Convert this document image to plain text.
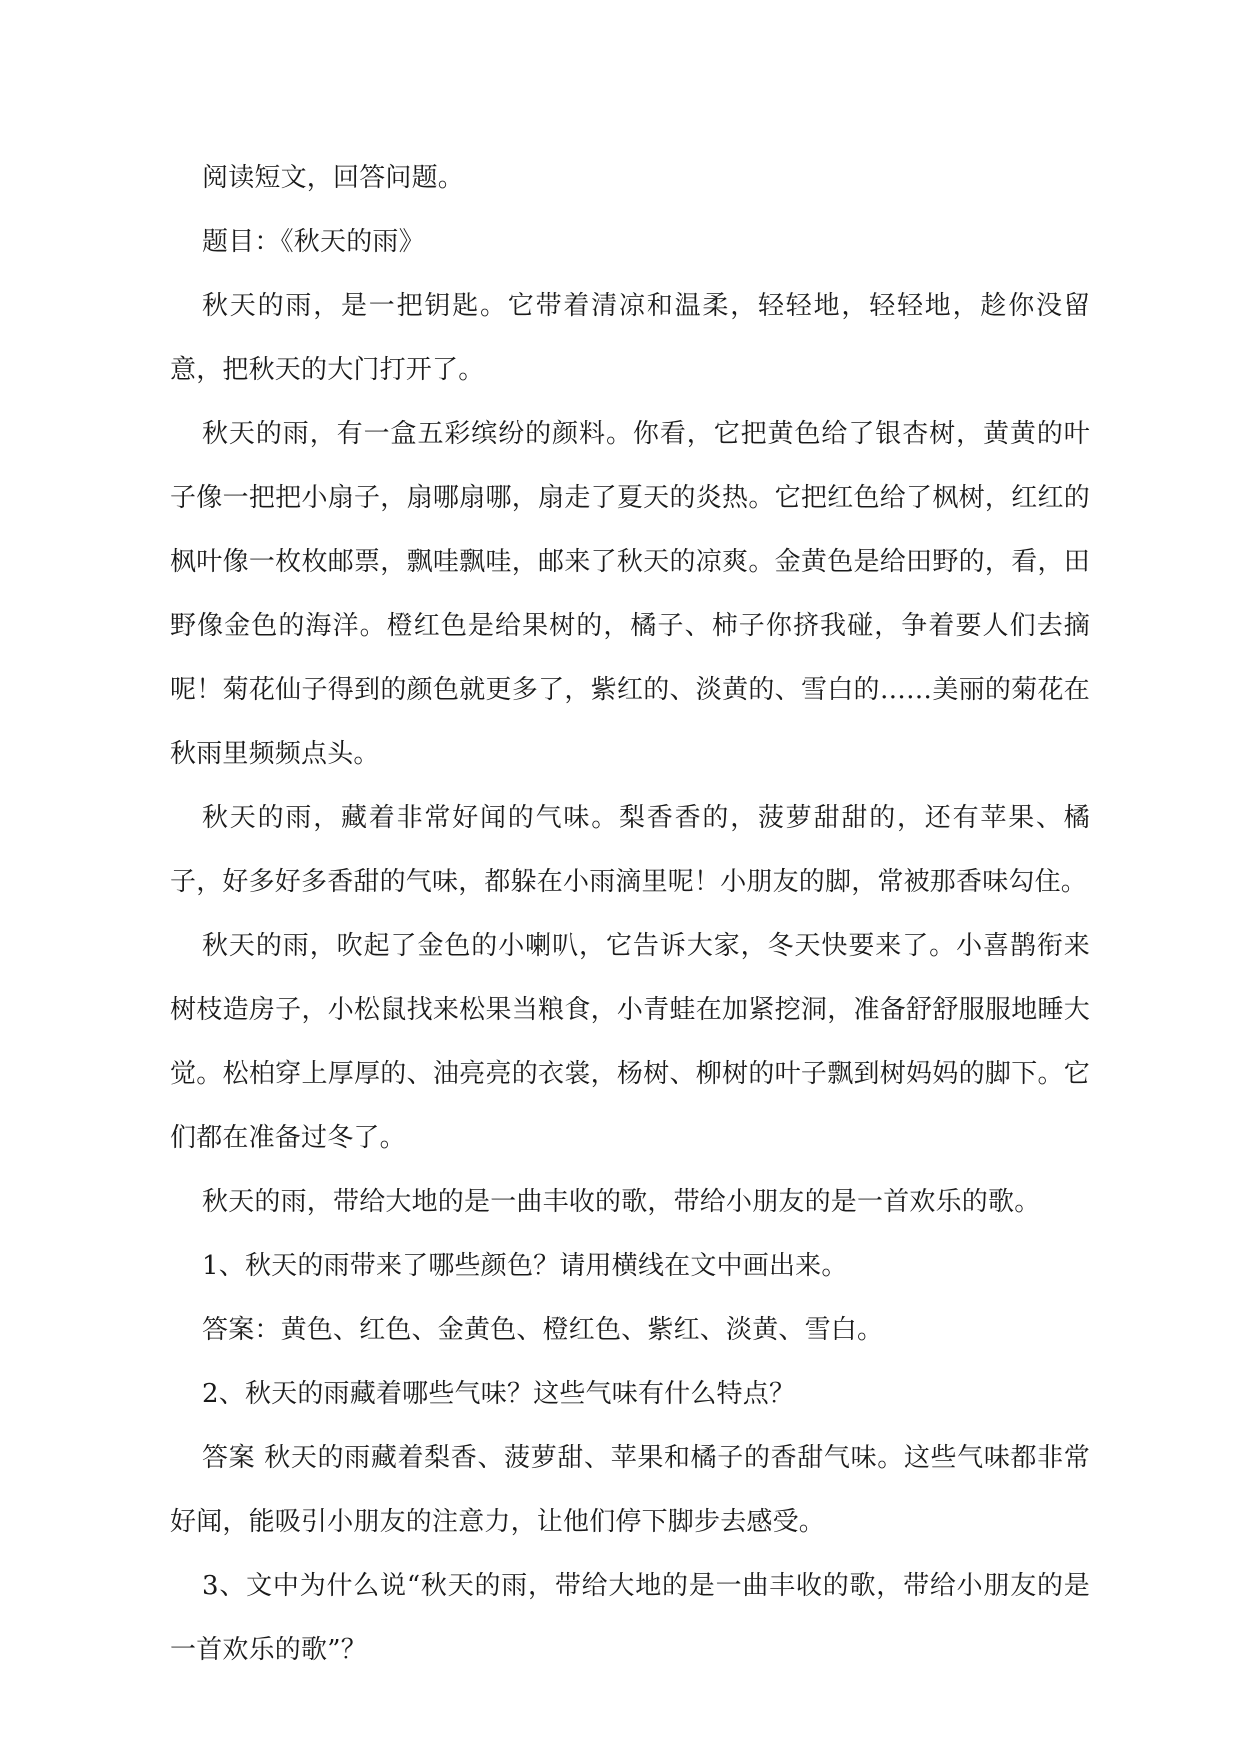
阅读短文，回答问题。

题目：《秋天的雨》

秋天的雨，是一把钥匙。它带着清凉和温柔，轻轻地，轻轻地，趁你没留意，把秋天的大门打开了。

秋天的雨，有一盒五彩缤纷的颜料。你看，它把黄色给了银杏树，黄黄的叶子像一把把小扇子，扇哪扇哪，扇走了夏天的炎热。它把红色给了枫树，红红的枫叶像一枚枚邮票，飘哇飘哇，邮来了秋天的凉爽。金黄色是给田野的，看，田野像金色的海洋。橙红色是给果树的，橘子、柿子你挤我碰，争着要人们去摘呢！菊花仙子得到的颜色就更多了，紫红的、淡黄的、雪白的……美丽的菊花在秋雨里频频点头。

秋天的雨，藏着非常好闻的气味。梨香香的，菠萝甜甜的，还有苹果、橘子，好多好多香甜的气味，都躲在小雨滴里呢！小朋友的脚，常被那香味勾住。

秋天的雨，吹起了金色的小喇叭，它告诉大家，冬天快要来了。小喜鹊衔来树枝造房子，小松鼠找来松果当粮食，小青蛙在加紧挖洞，准备舒舒服服地睡大觉。松柏穿上厚厚的、油亮亮的衣裳，杨树、柳树的叶子飘到树妈妈的脚下。它们都在准备过冬了。

秋天的雨，带给大地的是一曲丰收的歌，带给小朋友的是一首欢乐的歌。

1、秋天的雨带来了哪些颜色？请用横线在文中画出来。

答案：黄色、红色、金黄色、橙红色、紫红、淡黄、雪白。

2、秋天的雨藏着哪些气味？这些气味有什么特点？

答案 秋天的雨藏着梨香、菠萝甜、苹果和橘子的香甜气味。这些气味都非常好闻，能吸引小朋友的注意力，让他们停下脚步去感受。

3、文中为什么说“秋天的雨，带给大地的是一曲丰收的歌，带给小朋友的是一首欢乐的歌”？
